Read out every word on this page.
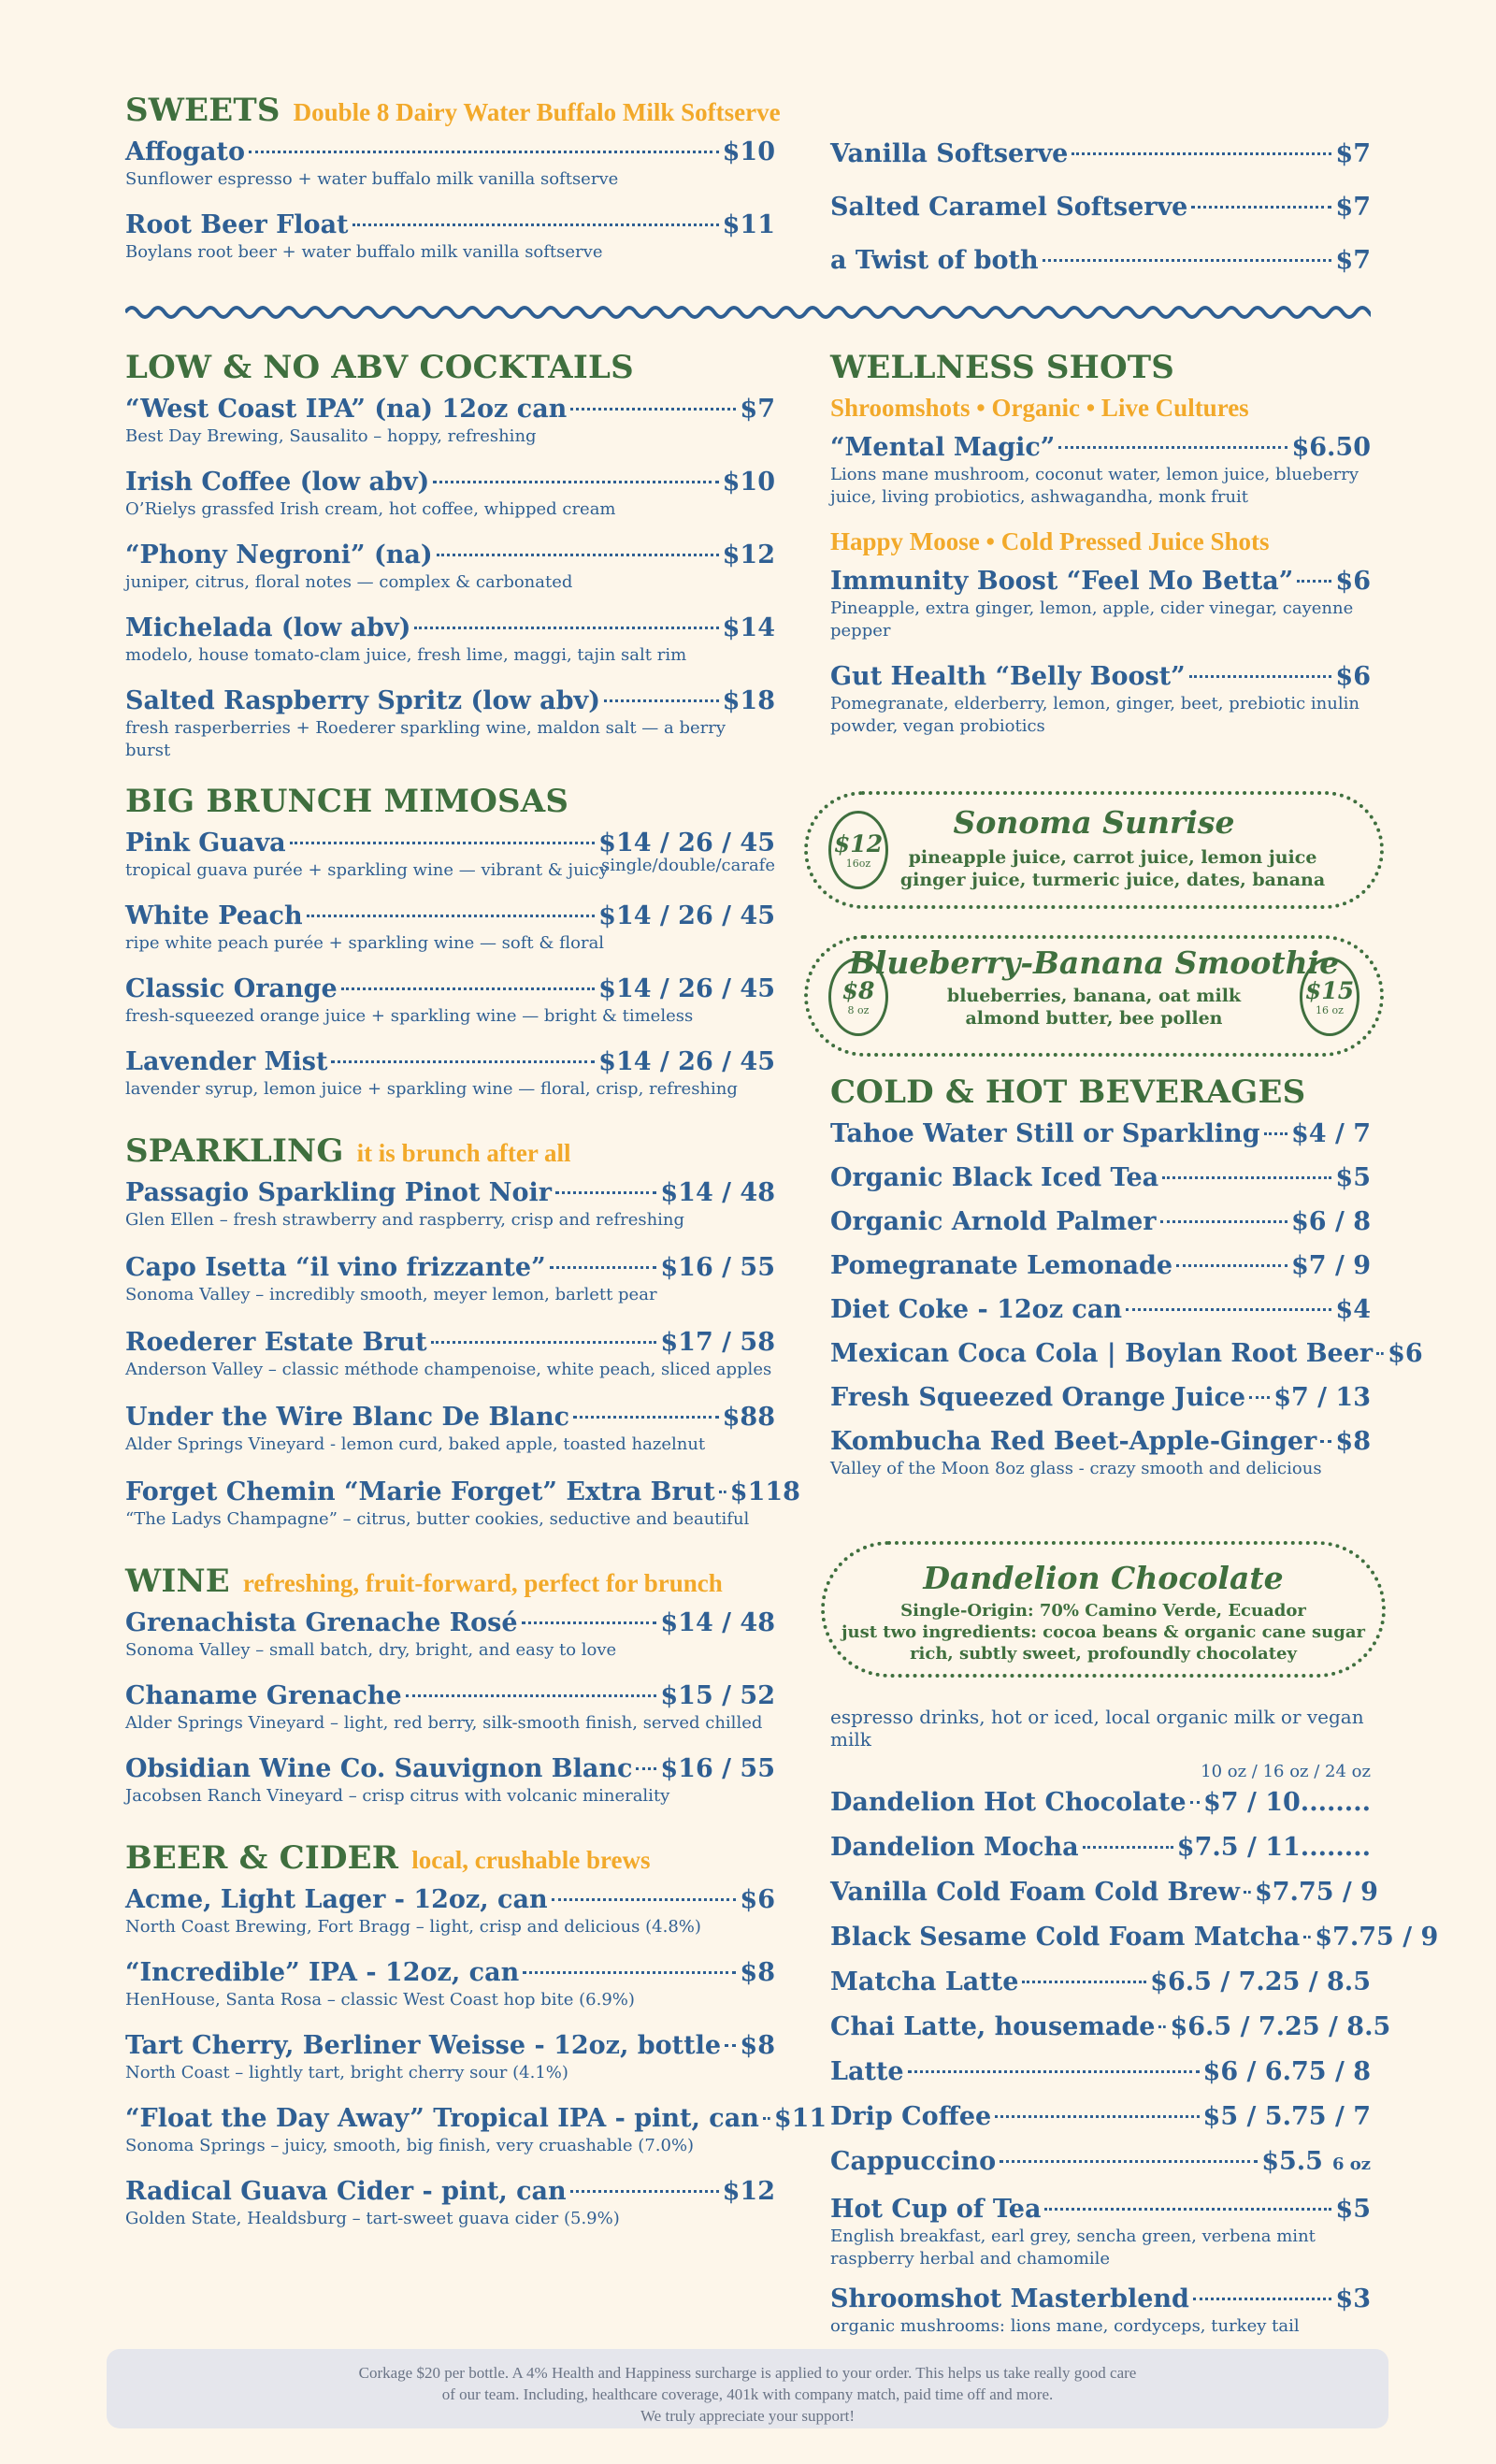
SWEETS Double 8 Dairy Water Buffalo Milk Softserve
Affogato	$10
Sunflower espresso + water buffalo milk vanilla softserve
Root Beer Float	$11
Boylans root beer + water buffalo milk vanilla softserve
Vanilla Softserve	$7
Salted Caramel Softserve	$7
a Twist of both	$7
LOW & NO ABV COCKTAILS
“West Coast IPA” (na) 12oz can	$7
Best Day Brewing, Sausalito – hoppy, refreshing
Irish Coffee (low abv)	$10
O’Rielys grassfed Irish cream, hot coffee, whipped cream
“Phony Negroni” (na)	$12
juniper, citrus, floral notes — complex & carbonated
Michelada (low abv)	$14
modelo, house tomato-clam juice, fresh lime, maggi, tajin salt rim
Salted Raspberry Spritz (low abv)	$18
fresh rasperberries + Roederer sparkling wine, maldon salt — a berry burst
BIG BRUNCH MIMOSAS
single/double/carafe
Pink Guava	$14 / 26 / 45
tropical guava purée + sparkling wine — vibrant & juicy
White Peach	$14 / 26 / 45
ripe white peach purée + sparkling wine — soft & floral
Classic Orange	$14 / 26 / 45
fresh-squeezed orange juice + sparkling wine — bright & timeless
Lavender Mist	$14 / 26 / 45
lavender syrup, lemon juice + sparkling wine — floral, crisp, refreshing
SPARKLING it is brunch after all
Passagio Sparkling Pinot Noir	$14 / 48
Glen Ellen – fresh strawberry and raspberry, crisp and refreshing
Capo Isetta “il vino frizzante”	$16 / 55
Sonoma Valley – incredibly smooth, meyer lemon, barlett pear
Roederer Estate Brut	$17 / 58
Anderson Valley – classic méthode champenoise, white peach, sliced apples
Under the Wire Blanc De Blanc	$88
Alder Springs Vineyard - lemon curd, baked apple, toasted hazelnut
Forget Chemin “Marie Forget” Extra Brut $118
“The Ladys Champagne” – citrus, butter cookies, seductive and beautiful
WINE refreshing, fruit-forward, perfect for brunch
Grenachista Grenache Rosé	$14 / 48
Sonoma Valley – small batch, dry, bright, and easy to love
Chaname Grenache	$15 / 52
Alder Springs Vineyard – light, red berry, silk-smooth finish, served chilled
Obsidian Wine Co. Sauvignon Blanc $16 / 55
Jacobsen Ranch Vineyard – crisp citrus with volcanic minerality
BEER & CIDER local, crushable brews
Acme, Light Lager - 12oz, can	$6
North Coast Brewing, Fort Bragg – light, crisp and delicious (4.8%)
“Incredible” IPA - 12oz, can	$8
HenHouse, Santa Rosa – classic West Coast hop bite (6.9%)
Tart Cherry, Berliner Weisse - 12oz, bottle $8
North Coast – lightly tart, bright cherry sour (4.1%)
“Float the Day Away” Tropical IPA - pint, can $11
Sonoma Springs – juicy, smooth, big finish, very cruashable (7.0%)
Radical Guava Cider - pint, can	$12
Golden State, Healdsburg – tart-sweet guava cider (5.9%)
WELLNESS SHOTS
Shroomshots • Organic • Live Cultures
“Mental Magic”	$6.50
Lions mane mushroom, coconut water, lemon juice, blueberry juice, living probiotics, ashwagandha, monk fruit
Happy Moose • Cold Pressed Juice Shots
Immunity Boost “Feel Mo Betta” $6
Pineapple, extra ginger, lemon, apple, cider vinegar, cayenne pepper
Gut Health “Belly Boost”	$6
Pomegranate, elderberry, lemon, ginger, beet, prebiotic inulin powder, vegan probiotics
$12
16oz
Sonoma Sunrise
pineapple juice, carrot juice, lemon juice
ginger juice, turmeric juice, dates, banana
$8
8 oz
$15
16 oz
Blueberry-Banana Smoothie
blueberries, banana, oat milk
almond butter, bee pollen
COLD & HOT BEVERAGES
Tahoe Water Still or Sparkling $4 / 7
Organic Black Iced Tea	$5
Organic Arnold Palmer	$6 / 8
Pomegranate Lemonade	$7 / 9
Diet Coke - 12oz can	$4
Mexican Coca Cola | Boylan Root Beer $6
Fresh Squeezed Orange Juice $7 / 13
Kombucha Red Beet-Apple-Ginger $8
Valley of the Moon 8oz glass - crazy smooth and delicious
Dandelion Chocolate
Single-Origin: 70% Camino Verde, Ecuador
just two ingredients: cocoa beans & organic cane sugar
rich, subtly sweet, profoundly chocolatey
espresso drinks, hot or iced, local organic milk or vegan milk
10 oz / 16 oz / 24 oz
Dandelion Hot Chocolate $7 / 10........
Dandelion Mocha	$7.5 / 11........
Vanilla Cold Foam Cold Brew $7.75 / 9
Black Sesame Cold Foam Matcha $7.75 / 9
Matcha Latte	$6.5 / 7.25 / 8.5
Chai Latte, housemade $6.5 / 7.25 / 8.5
Latte	$6 / 6.75 / 8
Drip Coffee	$5 / 5.75 / 7
Cappuccino	$5.5 6 oz
Hot Cup of Tea	$5
English breakfast, earl grey, sencha green, verbena mint raspberry herbal and chamomile
Shroomshot Masterblend	$3
organic mushrooms: lions mane, cordyceps, turkey tail
Corkage $20 per bottle. A 4% Health and Happiness surcharge is applied to your order. This helps us take really good care
of our team. Including, healthcare coverage, 401k with company match, paid time off and more.
We truly appreciate your support!
